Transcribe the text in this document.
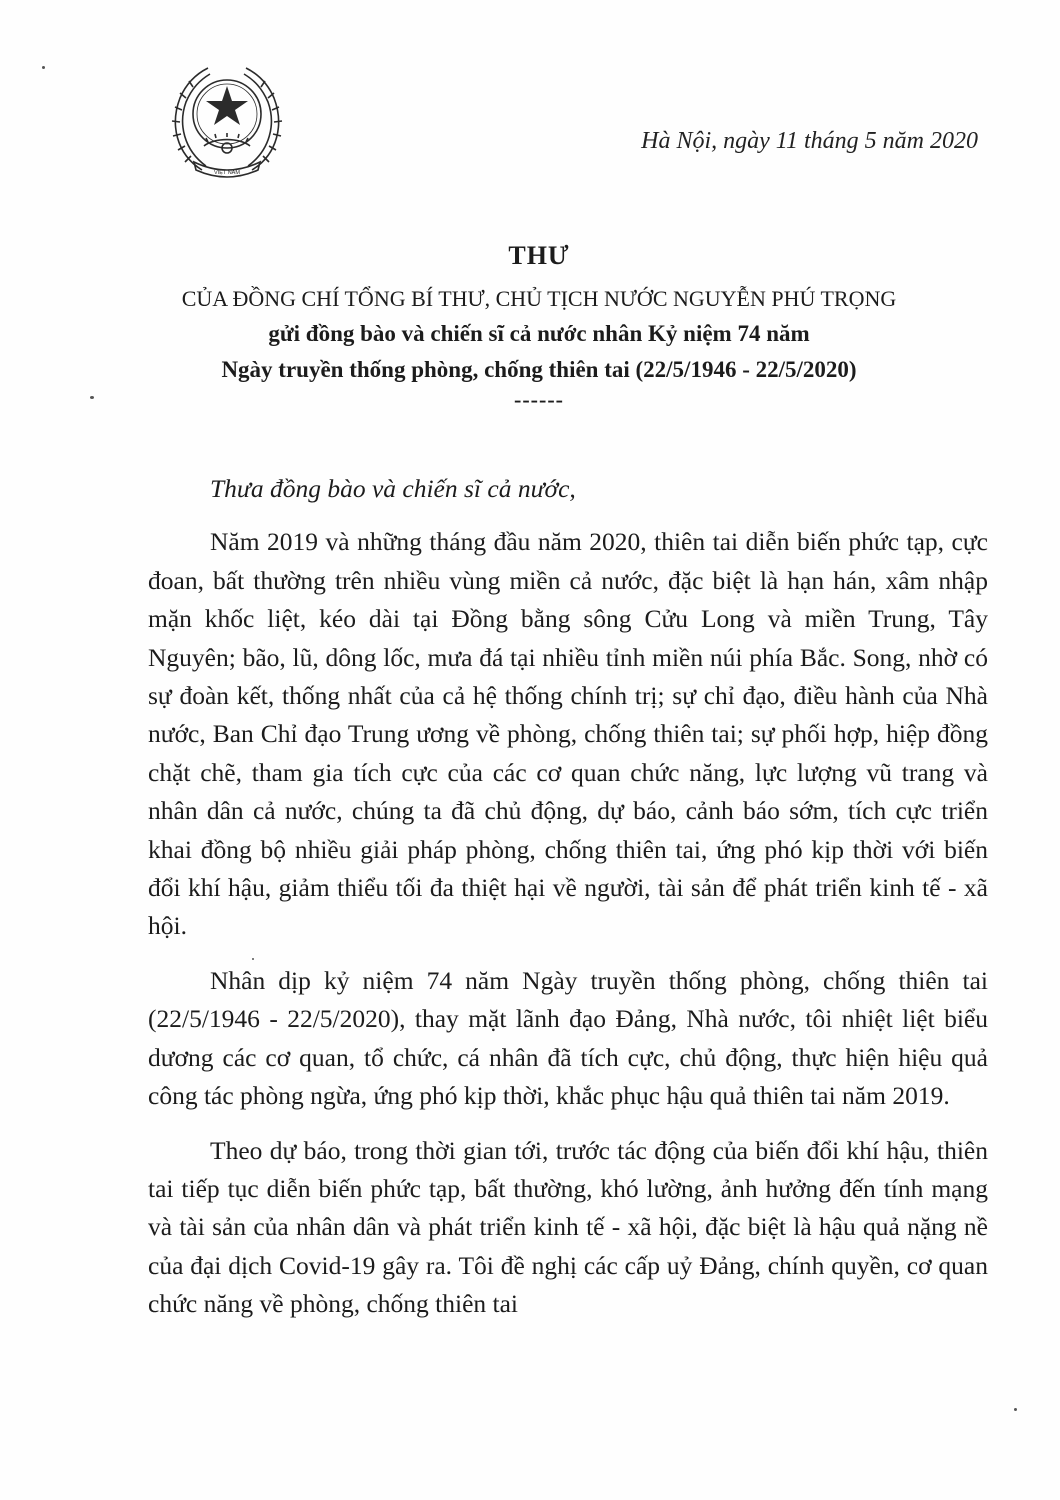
VIỆT NAM
Hà Nội, ngày 11 tháng 5 năm 2020

THƯ

CỦA ĐỒNG CHÍ TỔNG BÍ THƯ, CHỦ TỊCH NƯỚC NGUYỄN PHÚ TRỌNG

gửi đồng bào và chiến sĩ cả nước nhân Kỷ niệm 74 năm

Ngày truyền thống phòng, chống thiên tai (22/5/1946 - 22/5/2020)

------

Thưa đồng bào và chiến sĩ cả nước,

Năm 2019 và những tháng đầu năm 2020, thiên tai diễn biến phức tạp, cực đoan, bất thường trên nhiều vùng miền cả nước, đặc biệt là hạn hán, xâm nhập mặn khốc liệt, kéo dài tại Đồng bằng sông Cửu Long và miền Trung, Tây Nguyên; bão, lũ, dông lốc, mưa đá tại nhiều tỉnh miền núi phía Bắc. Song, nhờ có sự đoàn kết, thống nhất của cả hệ thống chính trị; sự chỉ đạo, điều hành của Nhà nước, Ban Chỉ đạo Trung ương về phòng, chống thiên tai; sự phối hợp, hiệp đồng chặt chẽ, tham gia tích cực của các cơ quan chức năng, lực lượng vũ trang và nhân dân cả nước, chúng ta đã chủ động, dự báo, cảnh báo sớm, tích cực triển khai đồng bộ nhiều giải pháp phòng, chống thiên tai, ứng phó kịp thời với biến đổi khí hậu, giảm thiểu tối đa thiệt hại về người, tài sản để phát triển kinh tế - xã hội.

Nhân dịp kỷ niệm 74 năm Ngày truyền thống phòng, chống thiên tai (22/5/1946 - 22/5/2020), thay mặt lãnh đạo Đảng, Nhà nước, tôi nhiệt liệt biểu dương các cơ quan, tổ chức, cá nhân đã tích cực, chủ động, thực hiện hiệu quả công tác phòng ngừa, ứng phó kịp thời, khắc phục hậu quả thiên tai năm 2019.

Theo dự báo, trong thời gian tới, trước tác động của biến đổi khí hậu, thiên tai tiếp tục diễn biến phức tạp, bất thường, khó lường, ảnh hưởng đến tính mạng và tài sản của nhân dân và phát triển kinh tế - xã hội, đặc biệt là hậu quả nặng nề của đại dịch Covid-19 gây ra. Tôi đề nghị các cấp uỷ Đảng, chính quyền, cơ quan chức năng về phòng, chống thiên tai
